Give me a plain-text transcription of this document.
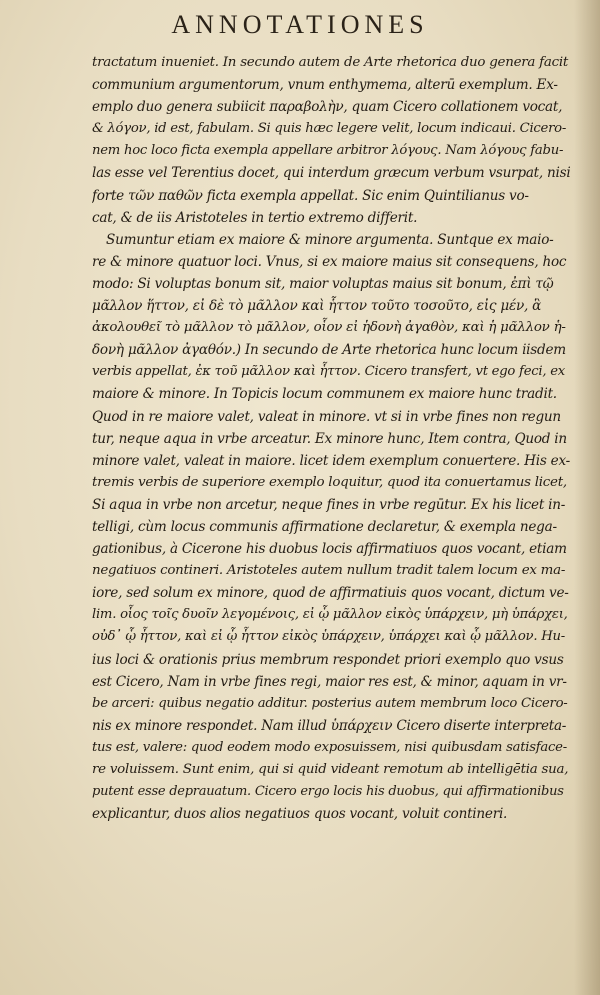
ANNOTATIONES
tractatum inueniet. In secundo autem de Arte rhetorica duo genera facit
communium argumentorum, vnum enthymema, alterū exemplum. Ex-
emplo duo genera subiicit παραβολὴν, quam Cicero collationem vocat,
& λόγον, id est, fabulam. Si quis hæc legere velit, locum indicaui. Cicero-
nem hoc loco ficta exempla appellare arbitror λόγους. Nam λόγους fabu-
las esse vel Terentius docet, qui interdum græcum verbum vsurpat, nisi
forte τῶν παθῶν ficta exempla appellat. Sic enim Quintilianus vo-
cat, & de iis Aristoteles in tertio extremo differit.
Sumuntur etiam ex maiore & minore argumenta. Suntque ex maio-
re & minore quatuor loci. Vnus, si ex maiore maius sit consequens, hoc
modo: Si voluptas bonum sit, maior voluptas maius sit bonum, ἐπὶ τῷ
μᾶλλον ἥττον, εἰ δὲ τὸ μᾶλλον καὶ ἧττον τοῦτο τοσοῦτο, εἰς μέν, ἃ
ἀκολουθεῖ τὸ μᾶλλον τὸ μᾶλλον, οἷον εἰ ἡδονὴ ἀγαθὸν, καὶ ἡ μᾶλλον ἡ-
δονὴ μᾶλλον ἀγαθόν.) In secundo de Arte rhetorica hunc locum iisdem
verbis appellat, ἐκ τοῦ μᾶλλον καὶ ἧττον. Cicero transfert, vt ego feci, ex
maiore & minore. In Topicis locum communem ex maiore hunc tradit.
Quod in re maiore valet, valeat in minore. vt si in vrbe fines non regun
tur, neque aqua in vrbe arceatur. Ex minore hunc, Item contra, Quod in
minore valet, valeat in maiore. licet idem exemplum conuertere. His ex-
tremis verbis de superiore exemplo loquitur, quod ita conuertamus licet,
Si aqua in vrbe non arcetur, neque fines in vrbe regūtur. Ex his licet in-
telligi, cùm locus communis affirmatione declaretur, & exempla nega-
gationibus, à Cicerone his duobus locis affirmatiuos quos vocant, etiam
negatiuos contineri. Aristoteles autem nullum tradit talem locum ex ma-
iore, sed solum ex minore, quod de affirmatiuis quos vocant, dictum ve-
lim. οἷος τοῖς δυοῖν λεγομένοις, εἰ ᾧ μᾶλλον εἰκὸς ὑπάρχειν, μὴ ὑπάρχει,
οὐδ᾽ ᾧ ἧττον, καὶ εἰ ᾧ ἧττον εἰκὸς ὑπάρχειν, ὑπάρχει καὶ ᾧ μᾶλλον. Hu-
ius loci & orationis prius membrum respondet priori exemplo quo vsus
est Cicero, Nam in vrbe fines regi, maior res est, & minor, aquam in vr-
be arceri: quibus negatio additur. posterius autem membrum loco Cicero-
nis ex minore respondet. Nam illud ὑπάρχειν Cicero diserte interpreta-
tus est, valere: quod eodem modo exposuissem, nisi quibusdam satisface-
re voluissem. Sunt enim, qui si quid videant remotum ab intelligētia sua,
putent esse deprauatum. Cicero ergo locis his duobus, qui affirmationibus
explicantur, duos alios negatiuos quos vocant, voluit contineri.
